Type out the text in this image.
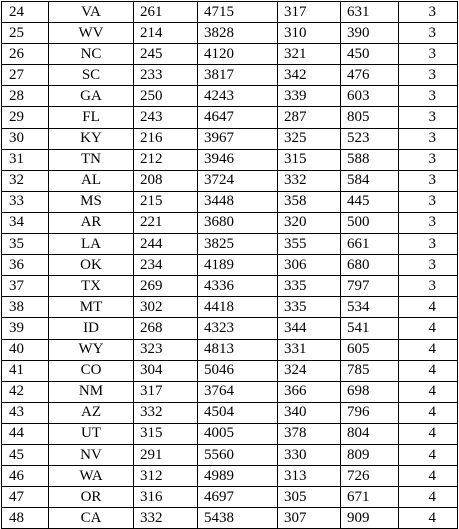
24	VA	261	4715	317	631	3
25	WV	214	3828	310	390	3
26	NC	245	4120	321	450	3
27	SC	233	3817	342	476	3
28	GA	250	4243	339	603	3
29	FL	243	4647	287	805	3
30	KY	216	3967	325	523	3
31	TN	212	3946	315	588	3
32	AL	208	3724	332	584	3
33	MS	215	3448	358	445	3
34	AR	221	3680	320	500	3
35	LA	244	3825	355	661	3
36	OK	234	4189	306	680	3
37	TX	269	4336	335	797	3
38	MT	302	4418	335	534	4
39	ID	268	4323	344	541	4
40	WY	323	4813	331	605	4
41	CO	304	5046	324	785	4
42	NM	317	3764	366	698	4
43	AZ	332	4504	340	796	4
44	UT	315	4005	378	804	4
45	NV	291	5560	330	809	4
46	WA	312	4989	313	726	4
47	OR	316	4697	305	671	4
48	CA	332	5438	307	909	4
